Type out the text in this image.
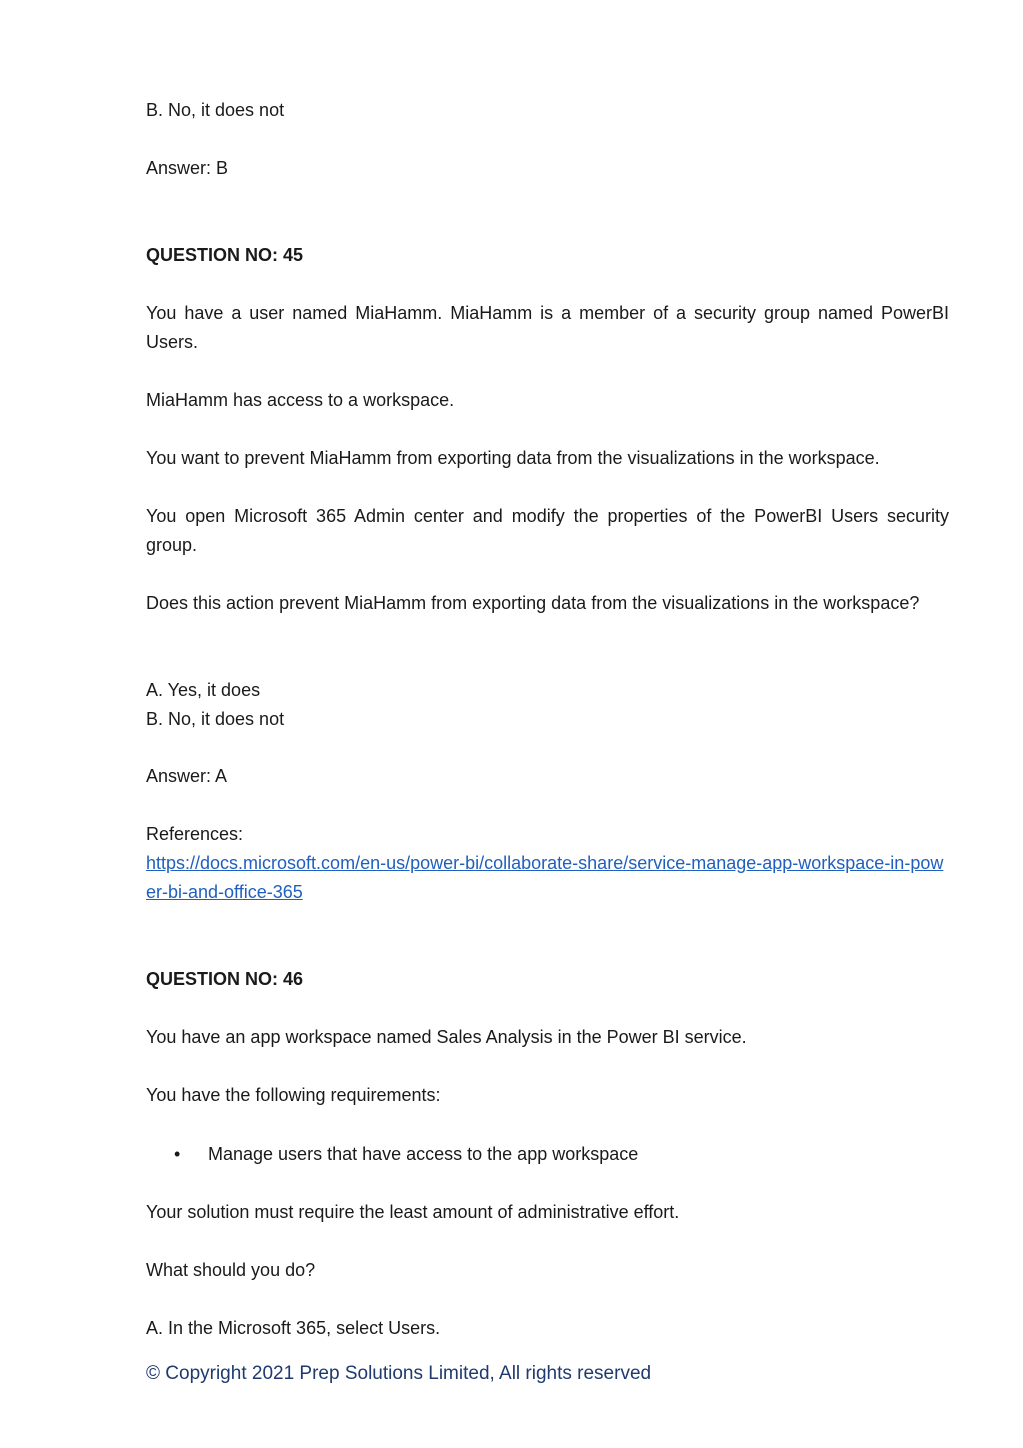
B. No, it does not
Answer: B
QUESTION NO: 45
You have a user named MiaHamm. MiaHamm is a member of a security group named PowerBI Users.
MiaHamm has access to a workspace.
You want to prevent MiaHamm from exporting data from the visualizations in the workspace.
You open Microsoft 365 Admin center and modify the properties of the PowerBI Users security group.
Does this action prevent MiaHamm from exporting data from the visualizations in the workspace?
A. Yes, it does
B. No, it does not
Answer: A
References:
https://docs.microsoft.com/en-us/power-bi/collaborate-share/service-manage-app-workspace-in-power-bi-and-office-365
QUESTION NO: 46
You have an app workspace named Sales Analysis in the Power BI service.
You have the following requirements:
• Manage users that have access to the app workspace
Your solution must require the least amount of administrative effort.
What should you do?
A. In the Microsoft 365, select Users.
© Copyright 2021 Prep Solutions Limited, All rights reserved
